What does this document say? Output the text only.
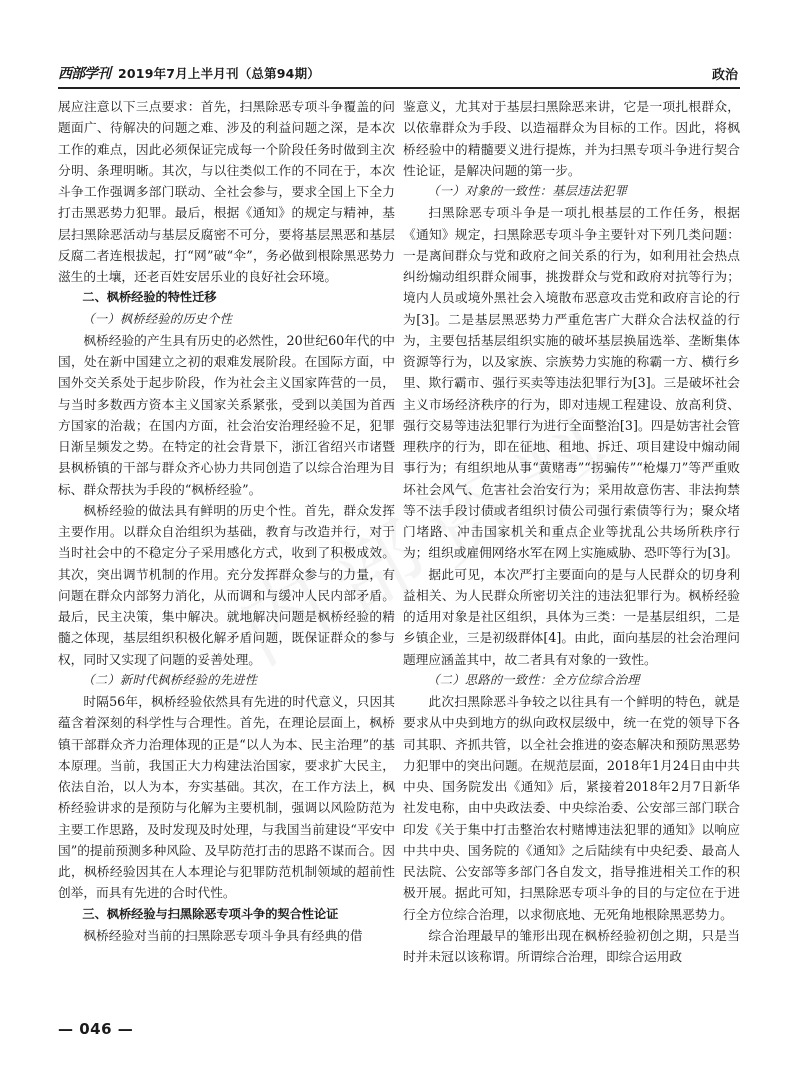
西部学刊 2019年7月上半月刊（总第94期）	政治

展应注意以下三点要求：首先，扫黑除恶专项斗争覆盖的问题面广、待解决的问题之难、涉及的利益问题之深，是本次工作的难点，因此必须保证完成每一个阶段任务时做到主次分明、条理明晰。其次，与以往类似工作的不同在于，本次斗争工作强调多部门联动、全社会参与，要求全国上下全力打击黑恶势力犯罪。最后，根据《通知》的规定与精神，基层扫黑除恶活动与基层反腐密不可分，要将基层黑恶和基层反腐二者连根拔起，打“网”破“伞”，务必做到根除黑恶势力滋生的土壤，还老百姓安居乐业的良好社会环境。

二、枫桥经验的特性迁移

（一）枫桥经验的历史个性

枫桥经验的产生具有历史的必然性，20世纪60年代的中国，处在新中国建立之初的艰难发展阶段。在国际方面，中国外交关系处于起步阶段，作为社会主义国家阵营的一员，与当时多数西方资本主义国家关系紧张，受到以美国为首西方国家的治裁；在国内方面，社会治安治理经验不足，犯罪日渐呈频发之势。在特定的社会背景下，浙江省绍兴市诸暨县枫桥镇的干部与群众齐心协力共同创造了以综合治理为目标、群众帮扶为手段的“枫桥经验”。

枫桥经验的做法具有鲜明的历史个性。首先，群众发挥主要作用。以群众自治组织为基础，教育与改造并行，对于当时社会中的不稳定分子采用感化方式，收到了积极成效。其次，突出调节机制的作用。充分发挥群众参与的力量，有问题在群众内部努力消化，从而调和与缓冲人民内部矛盾。最后，民主决策，集中解决。就地解决问题是枫桥经验的精髓之体现，基层组织积极化解矛盾问题，既保证群众的参与权，同时又实现了问题的妥善处理。

（二）新时代枫桥经验的先进性

时隔56年，枫桥经验依然具有先进的时代意义，只因其蕴含着深刻的科学性与合理性。首先，在理论层面上，枫桥镇干部群众齐力治理体现的正是“以人为本、民主治理”的基本原理。当前，我国正大力构建法治国家，要求扩大民主，依法自治，以人为本，夯实基础。其次，在工作方法上，枫桥经验讲求的是预防与化解为主要机制，强调以风险防范为主要工作思路，及时发现及时处理，与我国当前建设“平安中国”的提前预测多种风险、及早防范打击的思路不谋而合。因此，枫桥经验因其在人本理论与犯罪防范机制领域的超前性创举，而具有先进的合时代性。

三、枫桥经验与扫黑除恶专项斗争的契合性论证

枫桥经验对当前的扫黑除恶专项斗争具有经典的借

鉴意义，尤其对于基层扫黑除恶来讲，它是一项扎根群众，以依靠群众为手段、以造福群众为目标的工作。因此，将枫桥经验中的精髓要义进行提炼，并为扫黑专项斗争进行契合性论证，是解决问题的第一步。

（一）对象的一致性：基层违法犯罪

扫黑除恶专项斗争是一项扎根基层的工作任务，根据《通知》规定，扫黑除恶专项斗争主要针对下列几类问题：一是离间群众与党和政府之间关系的行为，如利用社会热点纠纷煽动组织群众闹事，挑拨群众与党和政府对抗等行为；境内人员或境外黑社会入境散布恶意攻击党和政府言论的行为[3]。二是基层黑恶势力严重危害广大群众合法权益的行为，主要包括基层组织实施的破坏基层换届选举、垄断集体资源等行为，以及家族、宗族势力实施的称霸一方、横行乡里、欺行霸市、强行买卖等违法犯罪行为[3]。三是破坏社会主义市场经济秩序的行为，即对违规工程建设、放高利贷、强行交易等违法犯罪行为进行全面整治[3]。四是妨害社会管理秩序的行为，即在征地、租地、拆迁、项目建设中煽动闹事行为；有组织地从事“黄赌毒”“拐骗传”“枪爆刀”等严重败坏社会风气、危害社会治安行为；采用故意伤害、非法拘禁等不法手段讨债或者组织讨债公司强行索债等行为；聚众堵门堵路、冲击国家机关和重点企业等扰乱公共场所秩序行为；组织或雇佣网络水军在网上实施威胁、恐吓等行为[3]。

据此可见，本次严打主要面向的是与人民群众的切身利益相关、为人民群众所密切关注的违法犯罪行为。枫桥经验的适用对象是社区组织，具体为三类：一是基层组织，二是乡镇企业，三是初级群体[4]。由此，面向基层的社会治理问题理应涵盖其中，故二者具有对象的一致性。

（二）思路的一致性：全方位综合治理

此次扫黑除恶斗争较之以往具有一个鲜明的特色，就是要求从中央到地方的纵向政权层级中，统一在党的领导下各司其职、齐抓共管，以全社会推进的姿态解决和预防黑恶势力犯罪中的突出问题。在规范层面，2018年1月24日由中共中央、国务院发出《通知》后，紧接着2018年2月7日新华社发电称，由中央政法委、中央综治委、公安部三部门联合印发《关于集中打击整治农村赌博违法犯罪的通知》以响应中共中央、国务院的《通知》之后陆续有中央纪委、最高人民法院、公安部等多部门各自发文，指导推进相关工作的积极开展。据此可知，扫黑除恶专项斗争的目的与定位在于进行全方位综合治理，以求彻底地、无死角地根除黑恶势力。

综合治理最早的雏形出现在枫桥经验初创之期，只是当时并未冠以该称谓。所谓综合治理，即综合运用政

— 046 —
